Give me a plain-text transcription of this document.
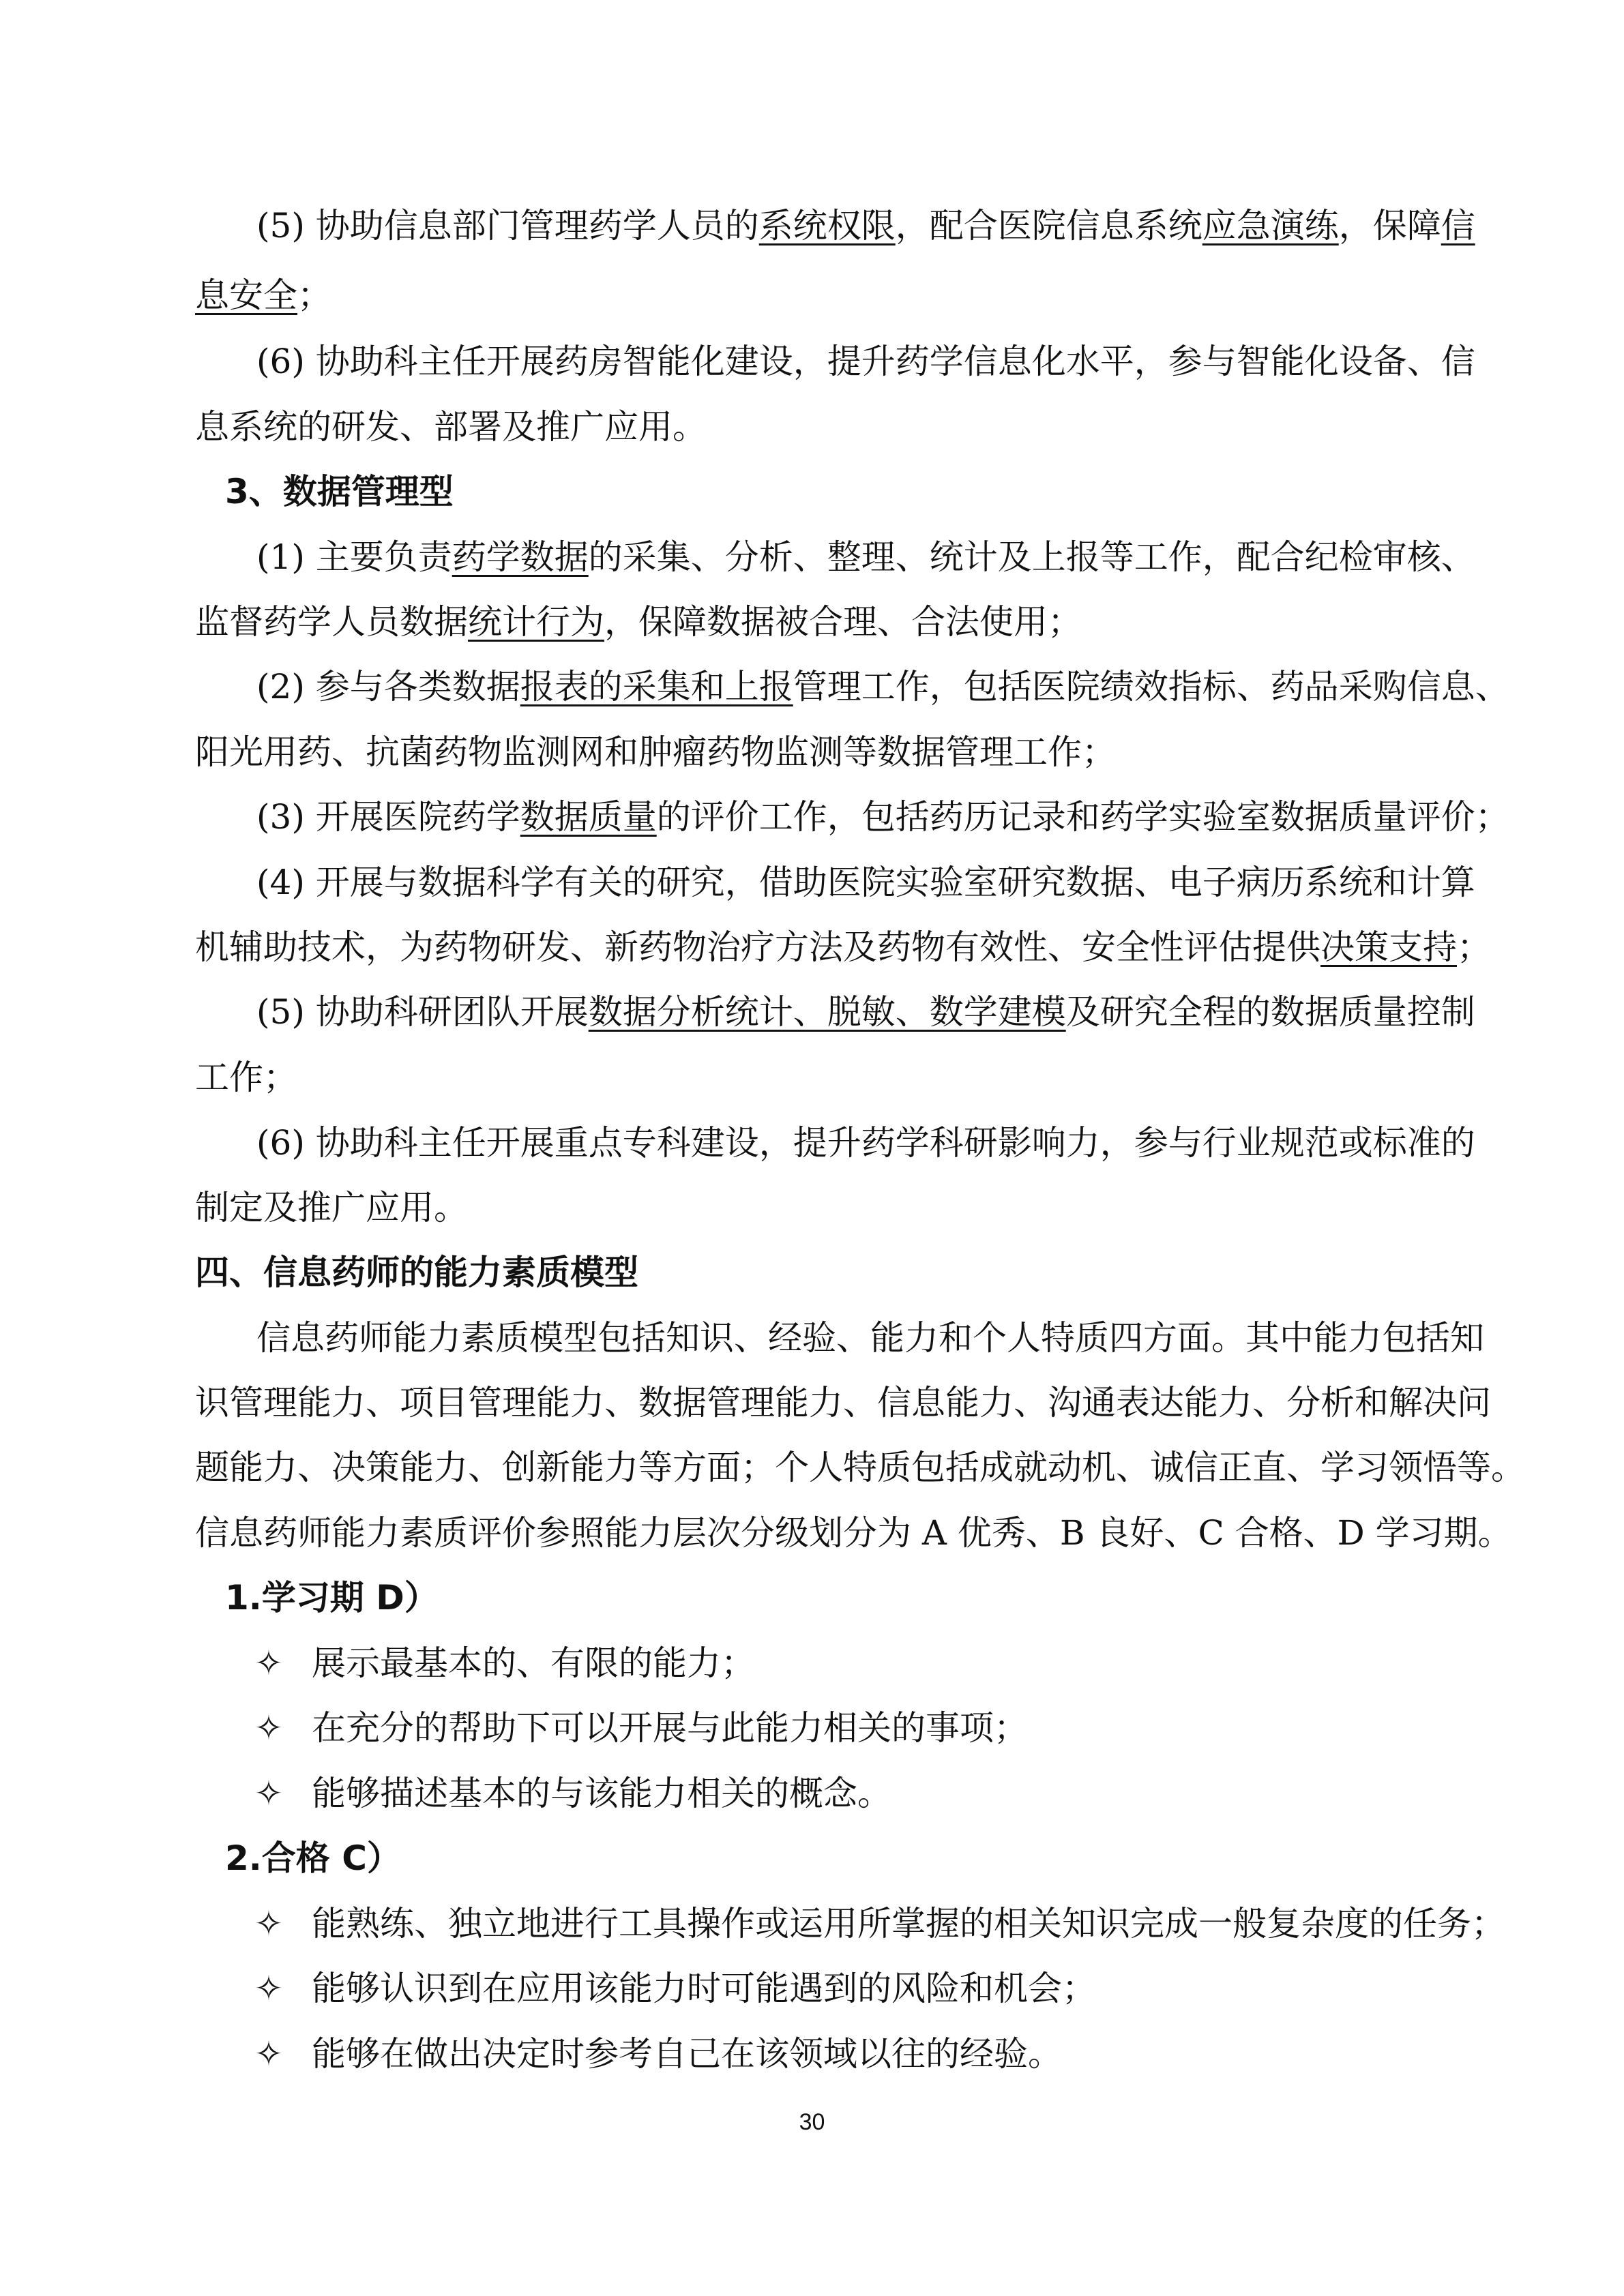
(5) 协助信息部门管理药学人员的系统权限，配合医院信息系统应急演练，保障信
息安全；
(6) 协助科主任开展药房智能化建设，提升药学信息化水平，参与智能化设备、信
息系统的研发、部署及推广应用。
3、数据管理型
(1) 主要负责药学数据的采集、分析、整理、统计及上报等工作，配合纪检审核、
监督药学人员数据统计行为，保障数据被合理、合法使用；
(2) 参与各类数据报表的采集和上报管理工作，包括医院绩效指标、药品采购信息、
阳光用药、抗菌药物监测网和肿瘤药物监测等数据管理工作；
(3) 开展医院药学数据质量的评价工作，包括药历记录和药学实验室数据质量评价；
(4) 开展与数据科学有关的研究，借助医院实验室研究数据、电子病历系统和计算
机辅助技术，为药物研发、新药物治疗方法及药物有效性、安全性评估提供决策支持；
(5) 协助科研团队开展数据分析统计、脱敏、数学建模及研究全程的数据质量控制
工作；
(6) 协助科主任开展重点专科建设，提升药学科研影响力，参与行业规范或标准的
制定及推广应用。
四、信息药师的能力素质模型
信息药师能力素质模型包括知识、经验、能力和个人特质四方面。其中能力包括知
识管理能力、项目管理能力、数据管理能力、信息能力、沟通表达能力、分析和解决问
题能力、决策能力、创新能力等方面；个人特质包括成就动机、诚信正直、学习领悟等。
信息药师能力素质评价参照能力层次分级划分为 A 优秀、B 良好、C 合格、D 学习期。
1.学习期 D）
✧ 展示最基本的、有限的能力；
✧ 在充分的帮助下可以开展与此能力相关的事项；
✧ 能够描述基本的与该能力相关的概念。
2.合格 C）
✧ 能熟练、独立地进行工具操作或运用所掌握的相关知识完成一般复杂度的任务；
✧ 能够认识到在应用该能力时可能遇到的风险和机会；
✧ 能够在做出决定时参考自己在该领域以往的经验。
30
